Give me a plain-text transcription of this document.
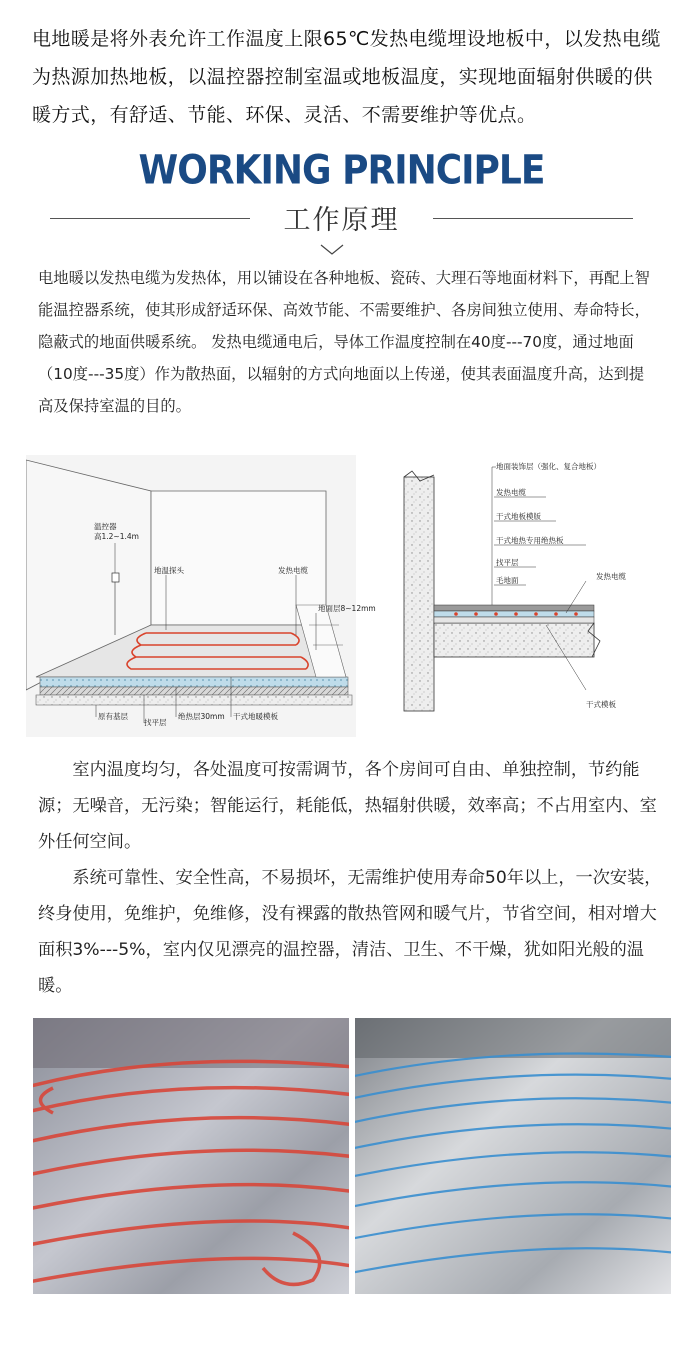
电地暖是将外表允许工作温度上限65℃发热电缆埋设地板中，以发热电缆为热源加热地板，以温控器控制室温或地板温度，实现地面辐射供暖的供暖方式，有舒适、节能、环保、灵活、不需要维护等优点。
WORKING PRINCIPLE
工作原理
电地暖以发热电缆为发热体，用以铺设在各种地板、瓷砖、大理石等地面材料下，再配上智能温控器系统，使其形成舒适环保、高效节能、不需要维护、各房间独立使用、寿命特长，隐蔽式的地面供暖系统。 发热电缆通电后，导体工作温度控制在40度---70度，通过地面（10度---35度）作为散热面，以辐射的方式向地面以上传递，使其表面温度升高，达到提高及保持室温的目的。
温控器
高1.2~1.4m
地温探头	发热电缆
地面层8~12mm
原有基层
找平层
绝热层30mm 干式地暖模板
地面装饰层（强化、复合地板）
发热电缆
干式地板模版
干式地热专用绝热板
找平层
毛地面	发热电缆
干式模板

室内温度均匀，各处温度可按需调节，各个房间可自由、单独控制，节约能源；无噪音，无污染；智能运行，耗能低，热辐射供暖，效率高；不占用室内、室外任何空间。

系统可靠性、安全性高，不易损坏，无需维护使用寿命50年以上，一次安装，终身使用，免维护，免维修，没有裸露的散热管网和暖气片，节省空间，相对增大面积3%---5%，室内仅见漂亮的温控器，清洁、卫生、不干燥，犹如阳光般的温暖。
